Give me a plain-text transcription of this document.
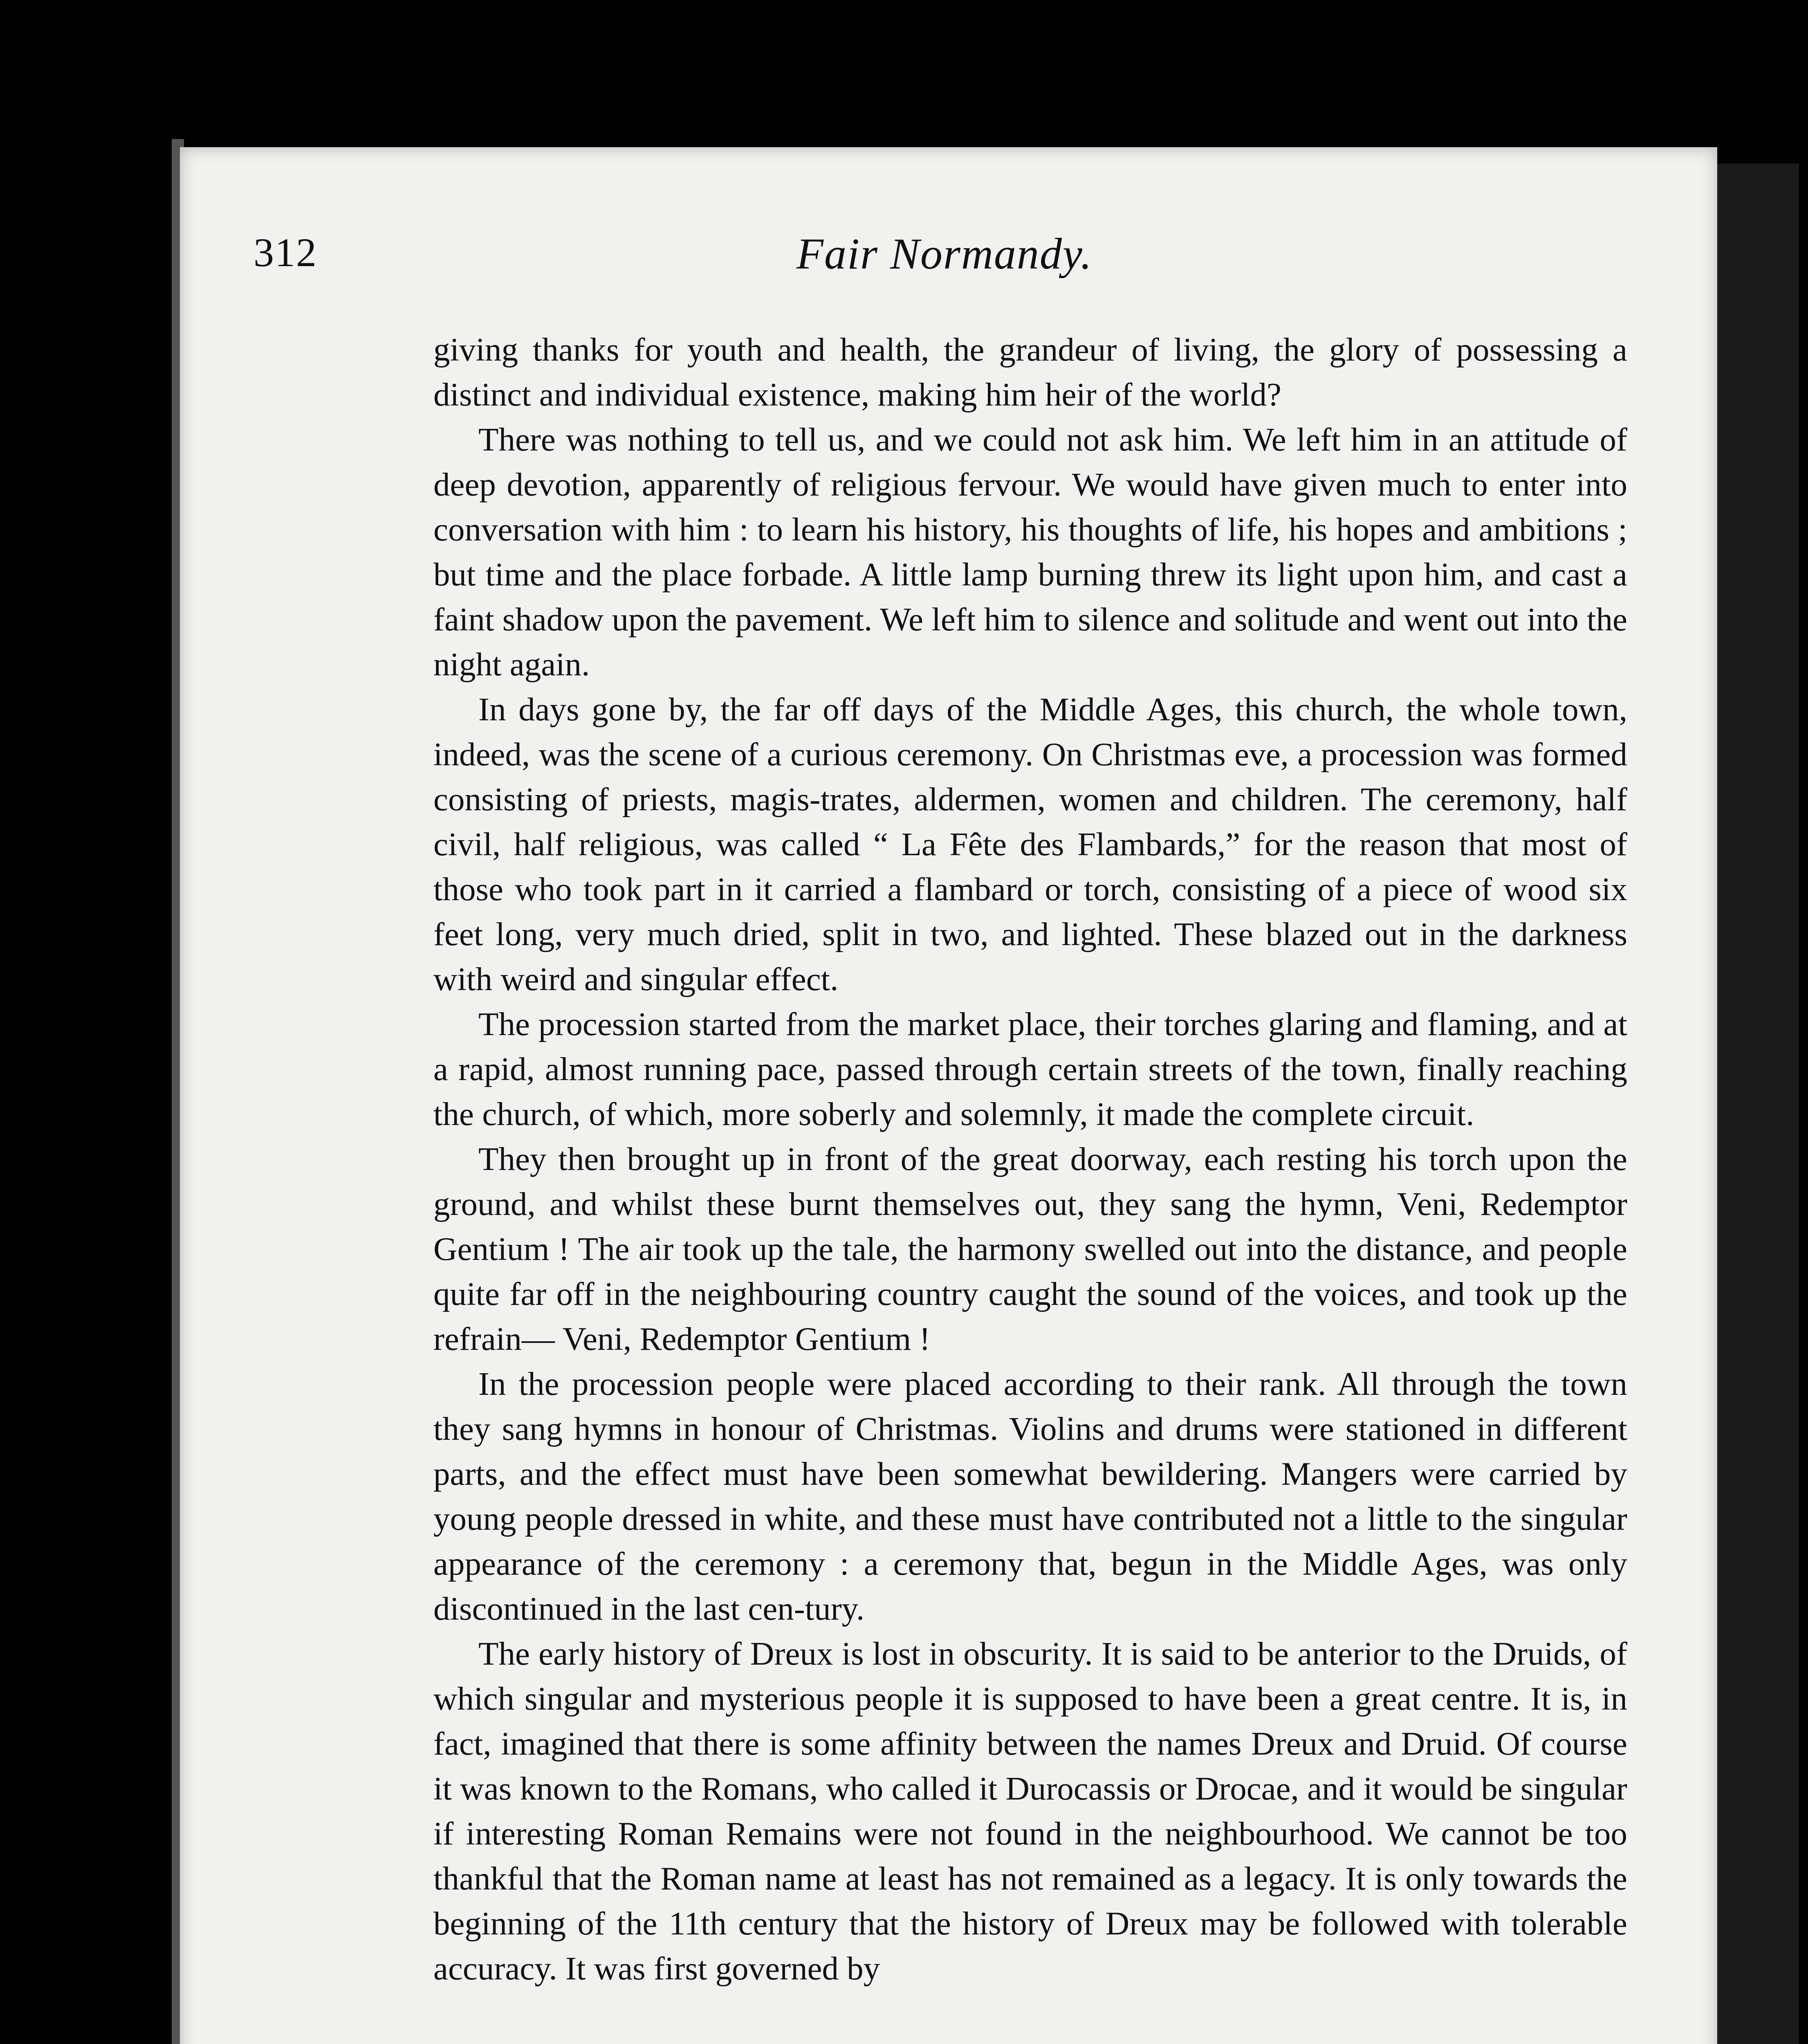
312	Fair Normandy.

giving thanks for youth and health, the grandeur of living, the glory of possessing a distinct and individual existence, making him heir of the world?

There was nothing to tell us, and we could not ask him. We left him in an attitude of deep devotion, apparently of religious fervour. We would have given much to enter into conversation with him : to learn his history, his thoughts of life, his hopes and ambitions ; but time and the place forbade. A little lamp burning threw its light upon him, and cast a faint shadow upon the pavement. We left him to silence and solitude and went out into the night again.

In days gone by, the far off days of the Middle Ages, this church, the whole town, indeed, was the scene of a curious ceremony. On Christmas eve, a procession was formed consisting of priests, magis-trates, aldermen, women and children. The ceremony, half civil, half religious, was called “ La Fête des Flambards,” for the reason that most of those who took part in it carried a flambard or torch, consisting of a piece of wood six feet long, very much dried, split in two, and lighted. These blazed out in the darkness with weird and singular effect.

The procession started from the market place, their torches glaring and flaming, and at a rapid, almost running pace, passed through certain streets of the town, finally reaching the church, of which, more soberly and solemnly, it made the complete circuit.

They then brought up in front of the great doorway, each resting his torch upon the ground, and whilst these burnt themselves out, they sang the hymn, Veni, Redemptor Gentium ! The air took up the tale, the harmony swelled out into the distance, and people quite far off in the neighbouring country caught the sound of the voices, and took up the refrain— Veni, Redemptor Gentium !

In the procession people were placed according to their rank. All through the town they sang hymns in honour of Christmas. Violins and drums were stationed in different parts, and the effect must have been somewhat bewildering. Mangers were carried by young people dressed in white, and these must have contributed not a little to the singular appearance of the ceremony : a ceremony that, begun in the Middle Ages, was only discontinued in the last cen-tury.

The early history of Dreux is lost in obscurity. It is said to be anterior to the Druids, of which singular and mysterious people it is supposed to have been a great centre. It is, in fact, imagined that there is some affinity between the names Dreux and Druid. Of course it was known to the Romans, who called it Durocassis or Drocae, and it would be singular if interesting Roman Remains were not found in the neighbourhood. We cannot be too thankful that the Roman name at least has not remained as a legacy. It is only towards the beginning of the 11th century that the history of Dreux may be followed with tolerable accuracy. It was first governed by
